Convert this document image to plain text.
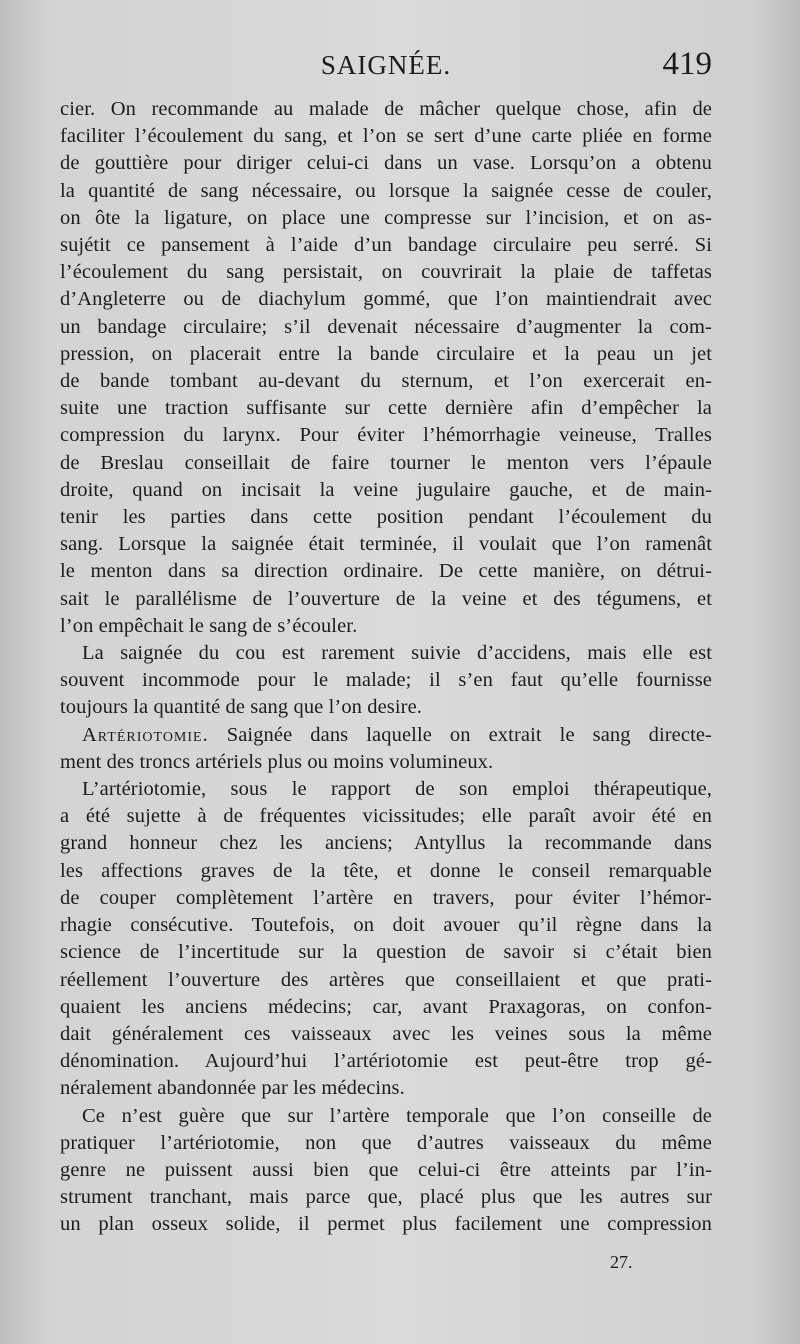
SAIGNÉE.	419
cier. On recommande au malade de mâcher quelque chose, afin de
faciliter l’écoulement du sang, et l’on se sert d’une carte pliée en forme
de gouttière pour diriger celui-ci dans un vase. Lorsqu’on a obtenu
la quantité de sang nécessaire, ou lorsque la saignée cesse de couler,
on ôte la ligature, on place une compresse sur l’incision, et on as-
sujétit ce pansement à l’aide d’un bandage circulaire peu serré. Si
l’écoulement du sang persistait, on couvrirait la plaie de taffetas
d’Angleterre ou de diachylum gommé, que l’on maintiendrait avec
un bandage circulaire; s’il devenait nécessaire d’augmenter la com-
pression, on placerait entre la bande circulaire et la peau un jet
de bande tombant au-devant du sternum, et l’on exercerait en-
suite une traction suffisante sur cette dernière afin d’empêcher la
compression du larynx. Pour éviter l’hémorrhagie veineuse, Tralles
de Breslau conseillait de faire tourner le menton vers l’épaule
droite, quand on incisait la veine jugulaire gauche, et de main-
tenir les parties dans cette position pendant l’écoulement du
sang. Lorsque la saignée était terminée, il voulait que l’on ramenât
le menton dans sa direction ordinaire. De cette manière, on détrui-
sait le parallélisme de l’ouverture de la veine et des tégumens, et
l’on empêchait le sang de s’écouler.
La saignée du cou est rarement suivie d’accidens, mais elle est
souvent incommode pour le malade; il s’en faut qu’elle fournisse
toujours la quantité de sang que l’on desire.
Artériotomie. Saignée dans laquelle on extrait le sang directe-
ment des troncs artériels plus ou moins volumineux.
L’artériotomie, sous le rapport de son emploi thérapeutique,
a été sujette à de fréquentes vicissitudes; elle paraît avoir été en
grand honneur chez les anciens; Antyllus la recommande dans
les affections graves de la tête, et donne le conseil remarquable
de couper complètement l’artère en travers, pour éviter l’hémor-
rhagie consécutive. Toutefois, on doit avouer qu’il règne dans la
science de l’incertitude sur la question de savoir si c’était bien
réellement l’ouverture des artères que conseillaient et que prati-
quaient les anciens médecins; car, avant Praxagoras, on confon-
dait généralement ces vaisseaux avec les veines sous la même
dénomination. Aujourd’hui l’artériotomie est peut-être trop gé-
néralement abandonnée par les médecins.
Ce n’est guère que sur l’artère temporale que l’on conseille de
pratiquer l’artériotomie, non que d’autres vaisseaux du même
genre ne puissent aussi bien que celui-ci être atteints par l’in-
strument tranchant, mais parce que, placé plus que les autres sur
un plan osseux solide, il permet plus facilement une compression
27.
